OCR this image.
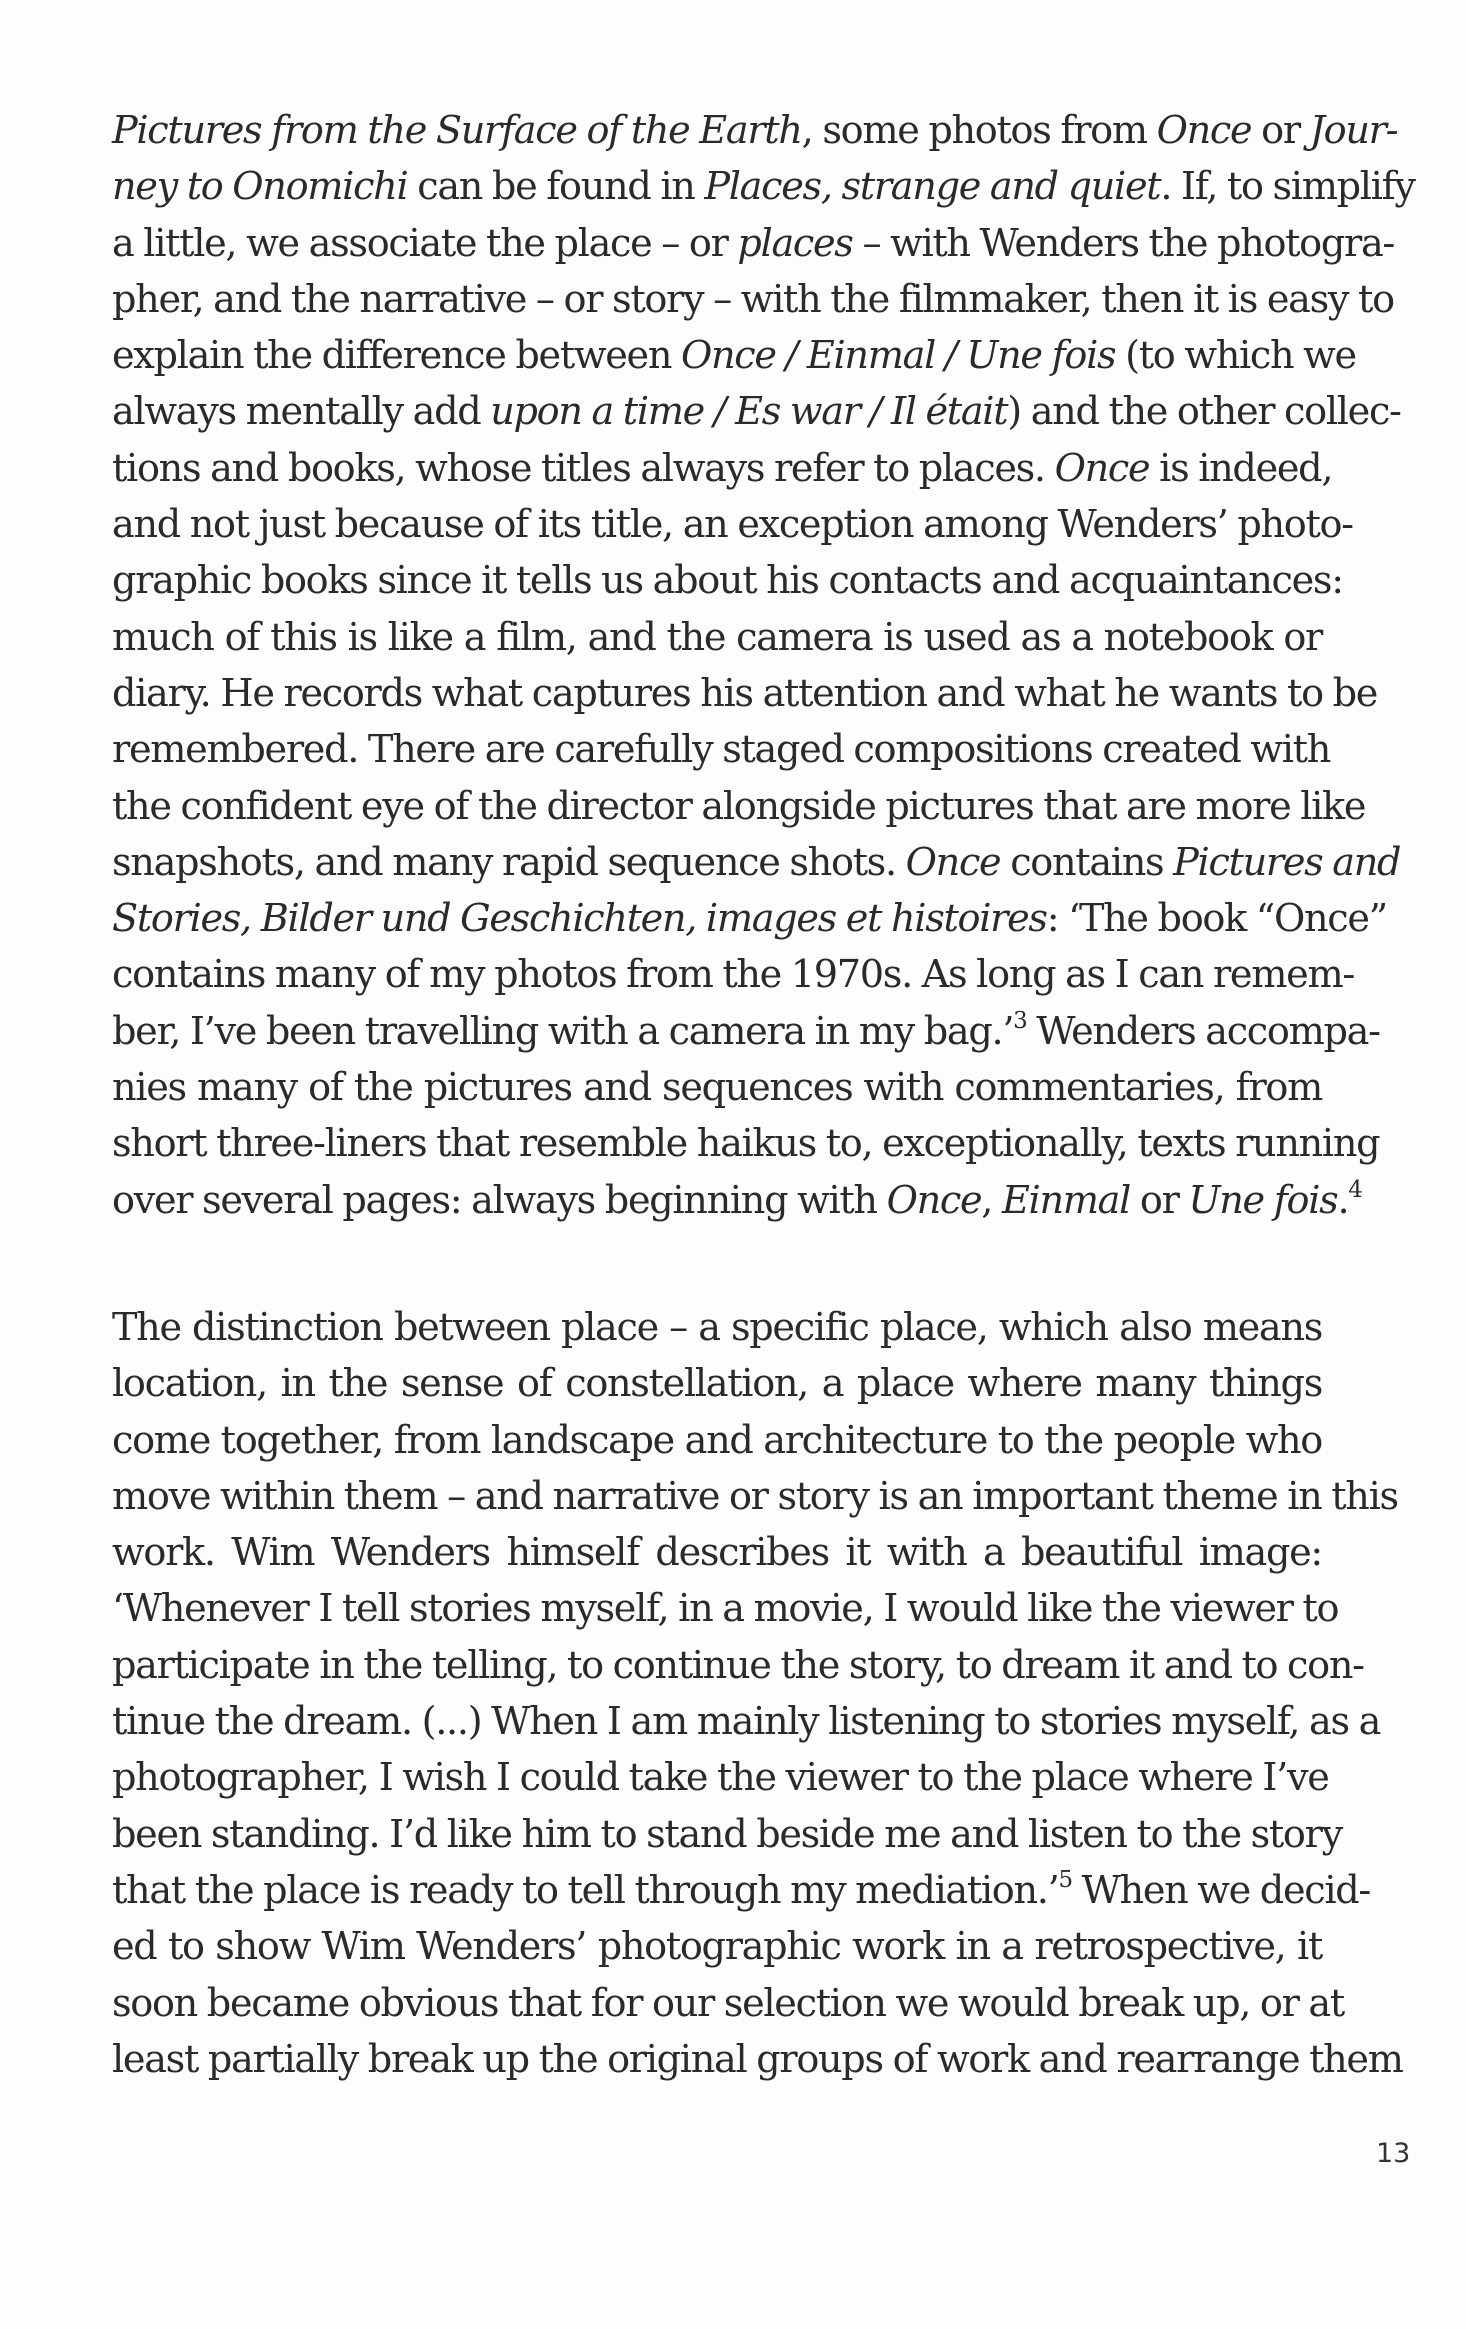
Pictures from the Surface of the Earth, some photos from Once or Jour-
ney to Onomichi can be found in Places, strange and quiet. If, to simplify
a little, we associate the place – or places – with Wenders the photogra-
pher, and the narrative – or story – with the filmmaker, then it is easy to
explain the difference between Once / Einmal / Une fois (to which we
always mentally add upon a time / Es war / Il était) and the other collec-
tions and books, whose titles always refer to places. Once is indeed,
and not just because of its title, an exception among Wenders’ photo-
graphic books since it tells us about his contacts and acquaintances:
much of this is like a film, and the camera is used as a notebook or
diary. He records what captures his attention and what he wants to be
remembered. There are carefully staged compositions created with
the confident eye of the director alongside pictures that are more like
snapshots, and many rapid sequence shots. Once contains Pictures and
Stories, Bilder und Geschichten, images et histoires: ‘The book “Once”
contains many of my photos from the 1970s. As long as I can remem-
ber, I’ve been travelling with a camera in my bag.’$^3$ Wenders accompa-
nies many of the pictures and sequences with commentaries, from
short three-liners that resemble haikus to, exceptionally, texts running
over several pages: always beginning with Once, Einmal or Une fois.$^4$
The distinction between place – a specific place, which also means
location, in the sense of constellation, a place where many things
come together, from landscape and architecture to the people who
move within them – and narrative or story is an important theme in this
work. Wim Wenders himself describes it with a beautiful image:
‘Whenever I tell stories myself, in a movie, I would like the viewer to
participate in the telling, to continue the story, to dream it and to con-
tinue the dream. (...) When I am mainly listening to stories myself, as a
photographer, I wish I could take the viewer to the place where I’ve
been standing. I’d like him to stand beside me and listen to the story
that the place is ready to tell through my mediation.’$^5$ When we decid-
ed to show Wim Wenders’ photographic work in a retrospective, it
soon became obvious that for our selection we would break up, or at
least partially break up the original groups of work and rearrange them
13
